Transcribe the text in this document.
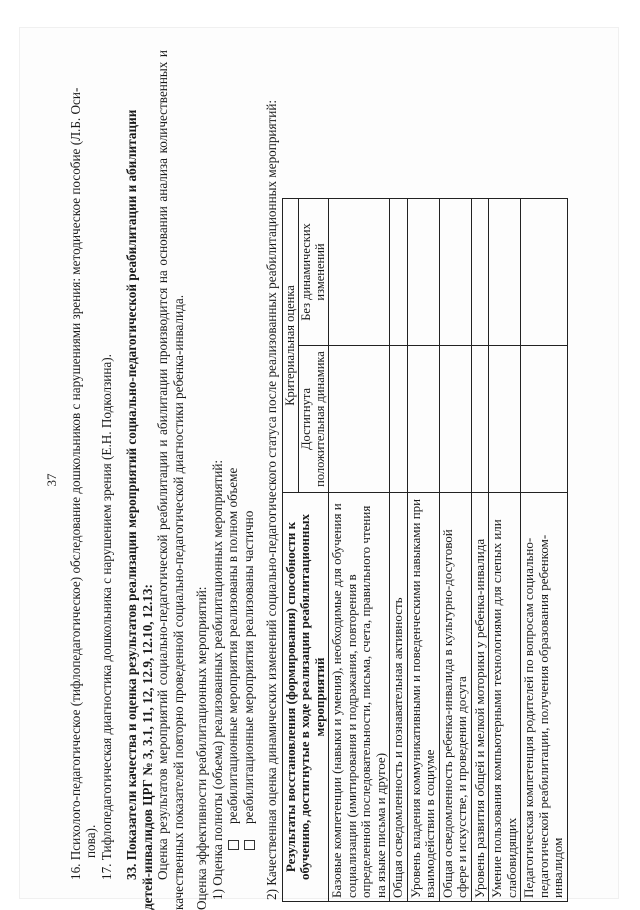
37

16. Психолого-педагогическое (тифлопедагогическое) обследование дошкольников с нарушениями зрения: методическое пособие (Л.Б. Оси- пова).

17. Тифлопедагогическая диагностика дошкольника с нарушением зрения (Е.Н. Подколзина).

33. Показатели качества и оценка результатов реализации мероприятий социально-педагогической реабилитации и абилитации детей-инвалидов ЦРГ № 3, 3.1, 11, 12, 12.9, 12.10, 12.13: Оценка результатов мероприятий социально-педагогической реабилитации и абилитации производится на основании анализа количественных и качественных показателей повторно проведенной социально-педагогической диагностики ребенка-инвалида. Оценка эффективности реабилитационных мероприятий: 1) Оценка полноты (объема) реализованных реабилитационных мероприятий: реабилитационные мероприятия реализованы в полном объеме реабилитационные мероприятия реализованы частично 2) Качественная оценка динамических изменений социально-педагогического статуса после реализованных реабилитационных мероприятий: Результаты восстановления (формирования) способности к обучению, достигнутые в ходе реализации реабилитационных мероприятий	Критериальная оценка	
	Достигнута положительная динамика	Без динамических изменений
Базовые компетенции (навыки и умения), необходимые для обучения и социализации (имитирования и подражания, повторения в определенной последовательности, письма, счета, правильного чтения на языке письма и другое)		
Общая осведомленность и познавательная активность		
Уровень владения коммуникативными и поведенческими навыками при взаимодействии в социуме		
Общая осведомленность ребенка-инвалида в культурно-досуговой сфере и искусстве, и проведении досуга		
Уровень развития общей и мелкой моторики у ребенка-инвалида		
Умение пользования компьютерными технологиями для слепых или слабовидящих		
Педагогическая компетенция родителей по вопросам социально-педагогической реабилитации, получения образования ребенком-инвалидом		
